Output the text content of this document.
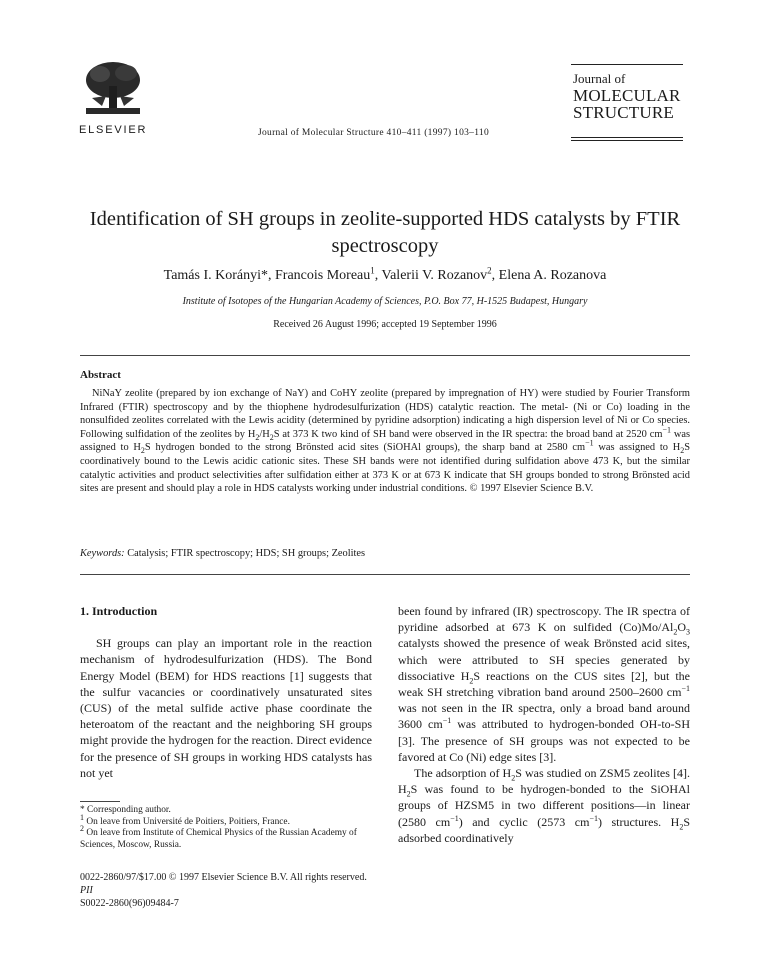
ELSEVIER	Journal of Molecular Structure 410–411 (1997) 103–110
Journal of
MOLECULAR
STRUCTURE
Identification of SH groups in zeolite-supported HDS catalysts by FTIR spectroscopy
Tamás I. Korányi*, Francois Moreau$^1$, Valerii V. Rozanov$^2$, Elena A. Rozanova
Institute of Isotopes of the Hungarian Academy of Sciences, P.O. Box 77, H-1525 Budapest, Hungary
Received 26 August 1996; accepted 19 September 1996
Abstract
NiNaY zeolite (prepared by ion exchange of NaY) and CoHY zeolite (prepared by impregnation of HY) were studied by Fourier Transform Infrared (FTIR) spectroscopy and by the thiophene hydrodesulfurization (HDS) catalytic reaction. The metal- (Ni or Co) loading in the nonsulfided zeolites correlated with the Lewis acidity (determined by pyridine adsorption) indicating a high dispersion level of Ni or Co species. Following sulfidation of the zeolites by $H_2/H_2S$ at 373 K two kind of SH band were observed in the IR spectra: the broad band at 2520 $cm^{-1}$ was assigned to $H_2S$ hydrogen bonded to the strong Brönsted acid sites (SiOHAl groups), the sharp band at 2580 $cm^{-1}$ was assigned to $H_2S$ coordinatively bound to the Lewis acidic cationic sites. These SH bands were not identified during sulfidation above 473 K, but the similar catalytic activities and product selectivities after sulfidation either at 373 K or at 673 K indicate that SH groups bonded to strong Brönsted acid sites are present and should play a role in HDS catalysts working under industrial conditions. © 1997 Elsevier Science B.V.
Keywords: Catalysis; FTIR spectroscopy; HDS; SH groups; Zeolites
1. Introduction
SH groups can play an important role in the reaction mechanism of hydrodesulfurization (HDS). The Bond Energy Model (BEM) for HDS reactions [1] suggests that the sulfur vacancies or coordinatively unsaturated sites (CUS) of the metal sulfide active phase coordinate the heteroatom of the reactant and the neighboring SH groups might provide the hydrogen for the reaction. Direct evidence for the presence of SH groups in working HDS catalysts has not yet
* Corresponding author.
$^1$ On leave from Université de Poitiers, Poitiers, France.
$^2$ On leave from Institute of Chemical Physics of the Russian Academy of Sciences, Moscow, Russia.
been found by infrared (IR) spectroscopy. The IR spectra of pyridine adsorbed at 673 K on sulfided $(Co)Mo/Al_2O_3$ catalysts showed the presence of weak Brönsted acid sites, which were attributed to SH species generated by dissociative $H_2S$ reactions on the CUS sites [2], but the weak SH stretching vibration band around 2500–2600 $cm^{-1}$ was not seen in the IR spectra, only a broad band around 3600 $cm^{-1}$ was attributed to hydrogen-bonded OH-to-SH [3]. The presence of SH groups was not expected to be favored at Co (Ni) edge sites [3].
The adsorption of $H_2S$ was studied on ZSM5 zeolites [4]. $H_2S$ was found to be hydrogen-bonded to the SiOHAl groups of HZSM5 in two different positions—in linear (2580 $cm^{-1}$) and cyclic (2573 $cm^{-1}$) structures. $H_2S$ adsorbed coordinatively
0022-2860/97/$17.00 © 1997 Elsevier Science B.V. All rights reserved.
PII
S0022-2860(96)09484-7
